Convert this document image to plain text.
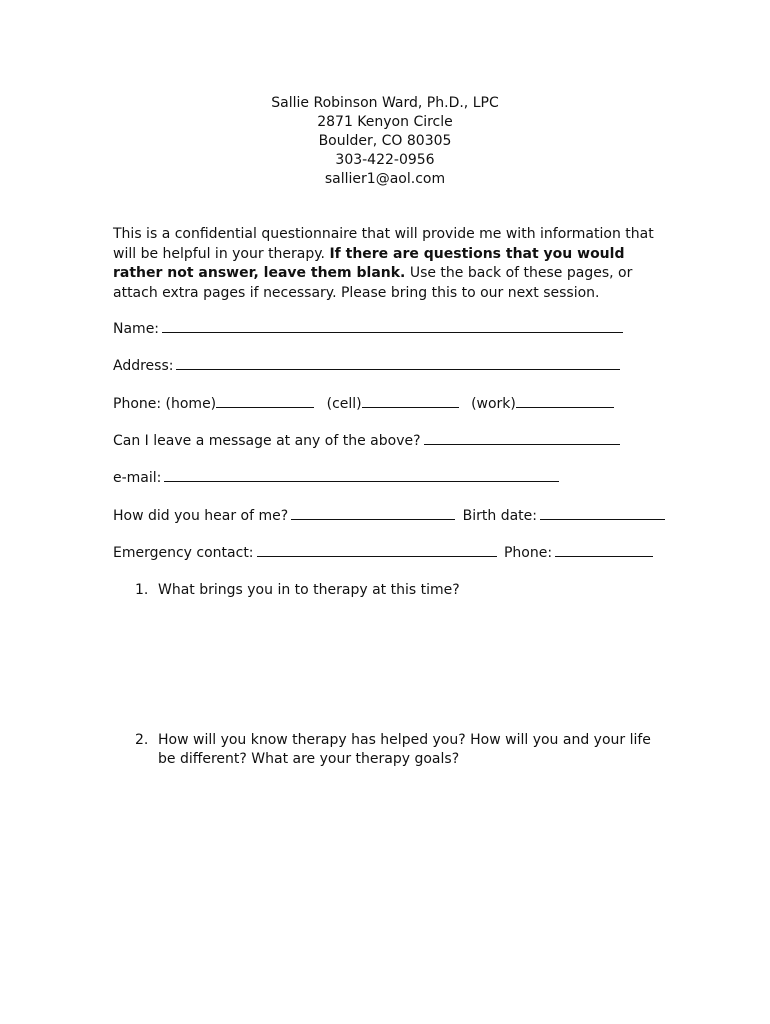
Sallie Robinson Ward, Ph.D., LPC
2871 Kenyon Circle
Boulder, CO 80305
303-422-0956
sallier1@aol.com
This is a confidential questionnaire that will provide me with information that will be helpful in your therapy. If there are questions that you would rather not answer, leave them blank. Use the back of these pages, or attach extra pages if necessary. Please bring this to our next session.
Name:
Address:
Phone: (home)	(cell)	(work)
Can I leave a message at any of the above?
e-mail:
How did you hear of me?	Birth date:
Emergency contact:	Phone:
1. What brings you in to therapy at this time?
2. How will you know therapy has helped you? How will you and your life be different? What are your therapy goals?
